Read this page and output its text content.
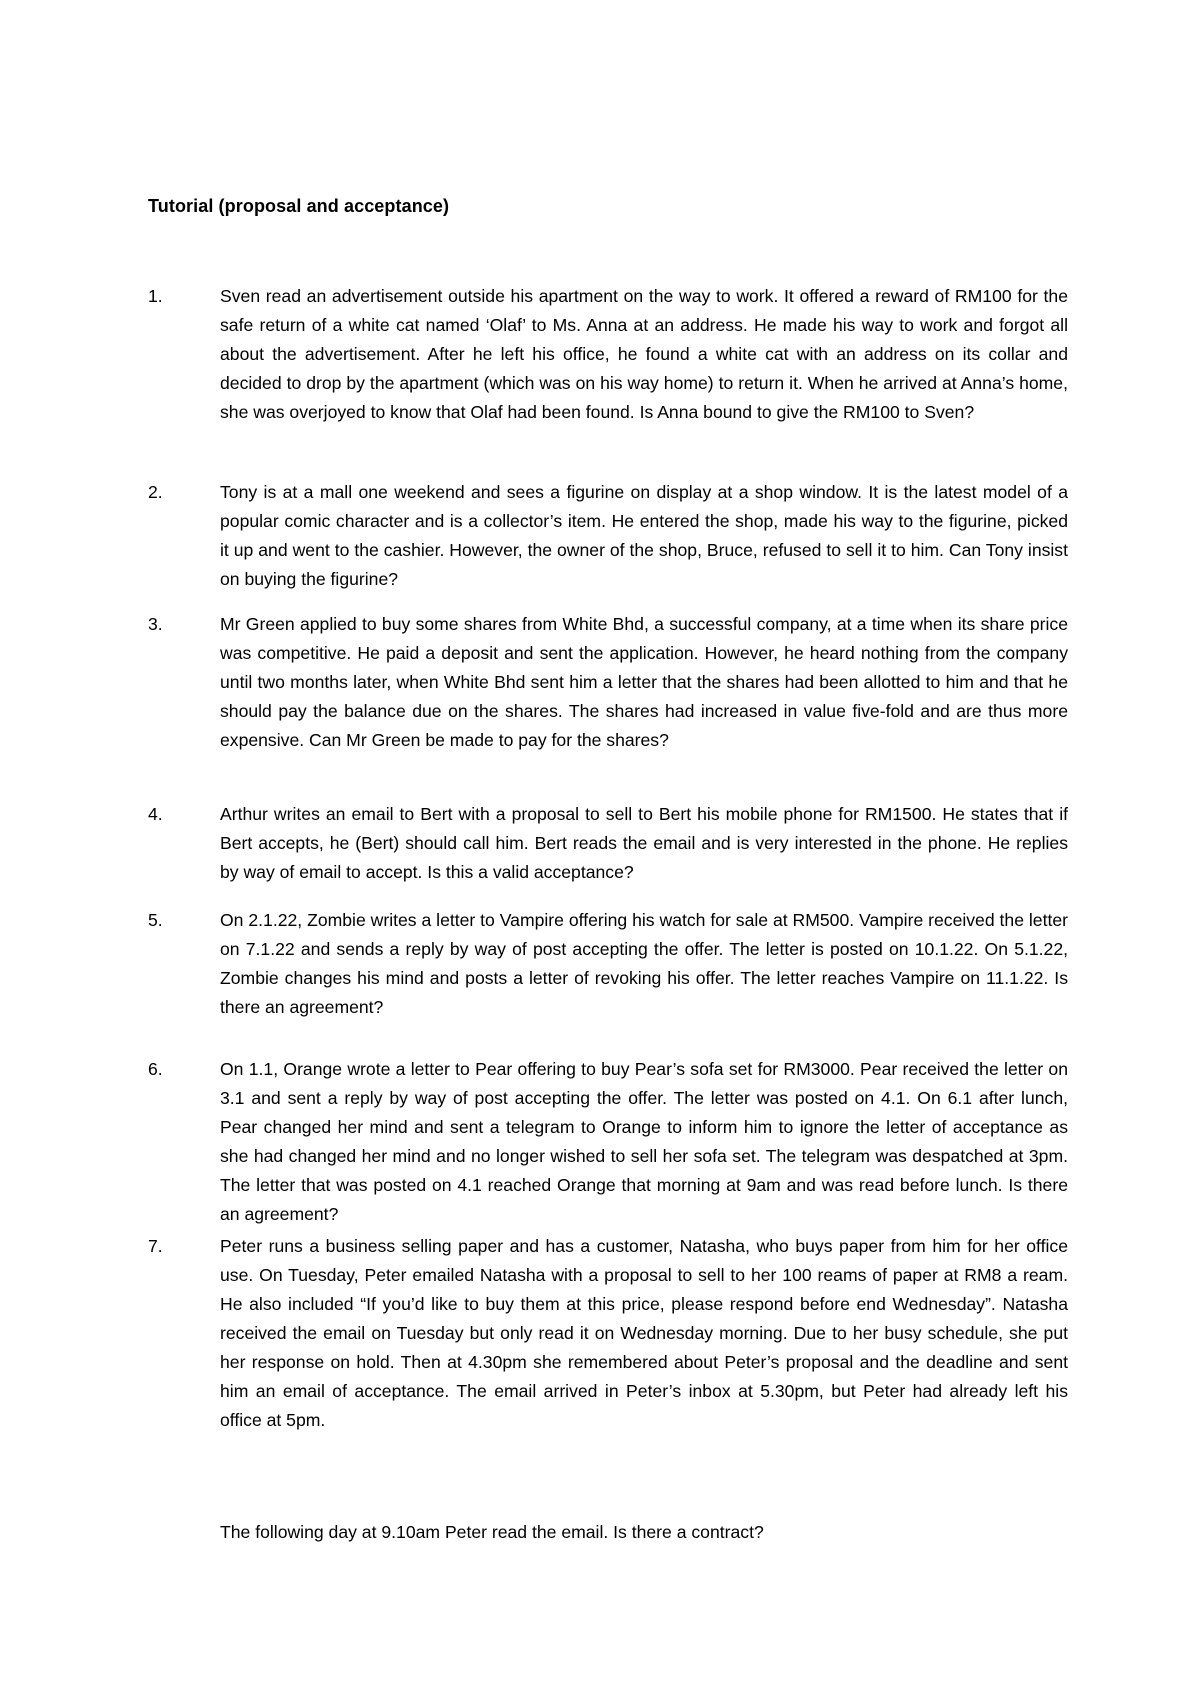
Tutorial (proposal and acceptance)
1.	Sven read an advertisement outside his apartment on the way to work. It offered a reward of RM100 for the safe return of a white cat named ‘Olaf’ to Ms. Anna at an address. He made his way to work and forgot all about the advertisement. After he left his office, he found a white cat with an address on its collar and decided to drop by the apartment (which was on his way home) to return it. When he arrived at Anna’s home, she was overjoyed to know that Olaf had been found. Is Anna bound to give the RM100 to Sven?
2.	Tony is at a mall one weekend and sees a figurine on display at a shop window. It is the latest model of a popular comic character and is a collector’s item. He entered the shop, made his way to the figurine, picked it up and went to the cashier. However, the owner of the shop, Bruce, refused to sell it to him. Can Tony insist on buying the figurine?
3.	Mr Green applied to buy some shares from White Bhd, a successful company, at a time when its share price was competitive. He paid a deposit and sent the application. However, he heard nothing from the company until two months later, when White Bhd sent him a letter that the shares had been allotted to him and that he should pay the balance due on the shares. The shares had increased in value five-fold and are thus more expensive. Can Mr Green be made to pay for the shares?
4.	Arthur writes an email to Bert with a proposal to sell to Bert his mobile phone for RM1500. He states that if Bert accepts, he (Bert) should call him. Bert reads the email and is very interested in the phone. He replies by way of email to accept. Is this a valid acceptance?
5.	On 2.1.22, Zombie writes a letter to Vampire offering his watch for sale at RM500. Vampire received the letter on 7.1.22 and sends a reply by way of post accepting the offer. The letter is posted on 10.1.22. On 5.1.22, Zombie changes his mind and posts a letter of revoking his offer. The letter reaches Vampire on 11.1.22. Is there an agreement?
6.	On 1.1, Orange wrote a letter to Pear offering to buy Pear’s sofa set for RM3000. Pear received the letter on 3.1 and sent a reply by way of post accepting the offer. The letter was posted on 4.1. On 6.1 after lunch, Pear changed her mind and sent a telegram to Orange to inform him to ignore the letter of acceptance as she had changed her mind and no longer wished to sell her sofa set. The telegram was despatched at 3pm. The letter that was posted on 4.1 reached Orange that morning at 9am and was read before lunch. Is there an agreement?
7.	Peter runs a business selling paper and has a customer, Natasha, who buys paper from him for her office use. On Tuesday, Peter emailed Natasha with a proposal to sell to her 100 reams of paper at RM8 a ream. He also included “If you’d like to buy them at this price, please respond before end Wednesday”. Natasha received the email on Tuesday but only read it on Wednesday morning. Due to her busy schedule, she put her response on hold. Then at 4.30pm she remembered about Peter’s proposal and the deadline and sent him an email of acceptance. The email arrived in Peter’s inbox at 5.30pm, but Peter had already left his office at 5pm.
The following day at 9.10am Peter read the email. Is there a contract?
